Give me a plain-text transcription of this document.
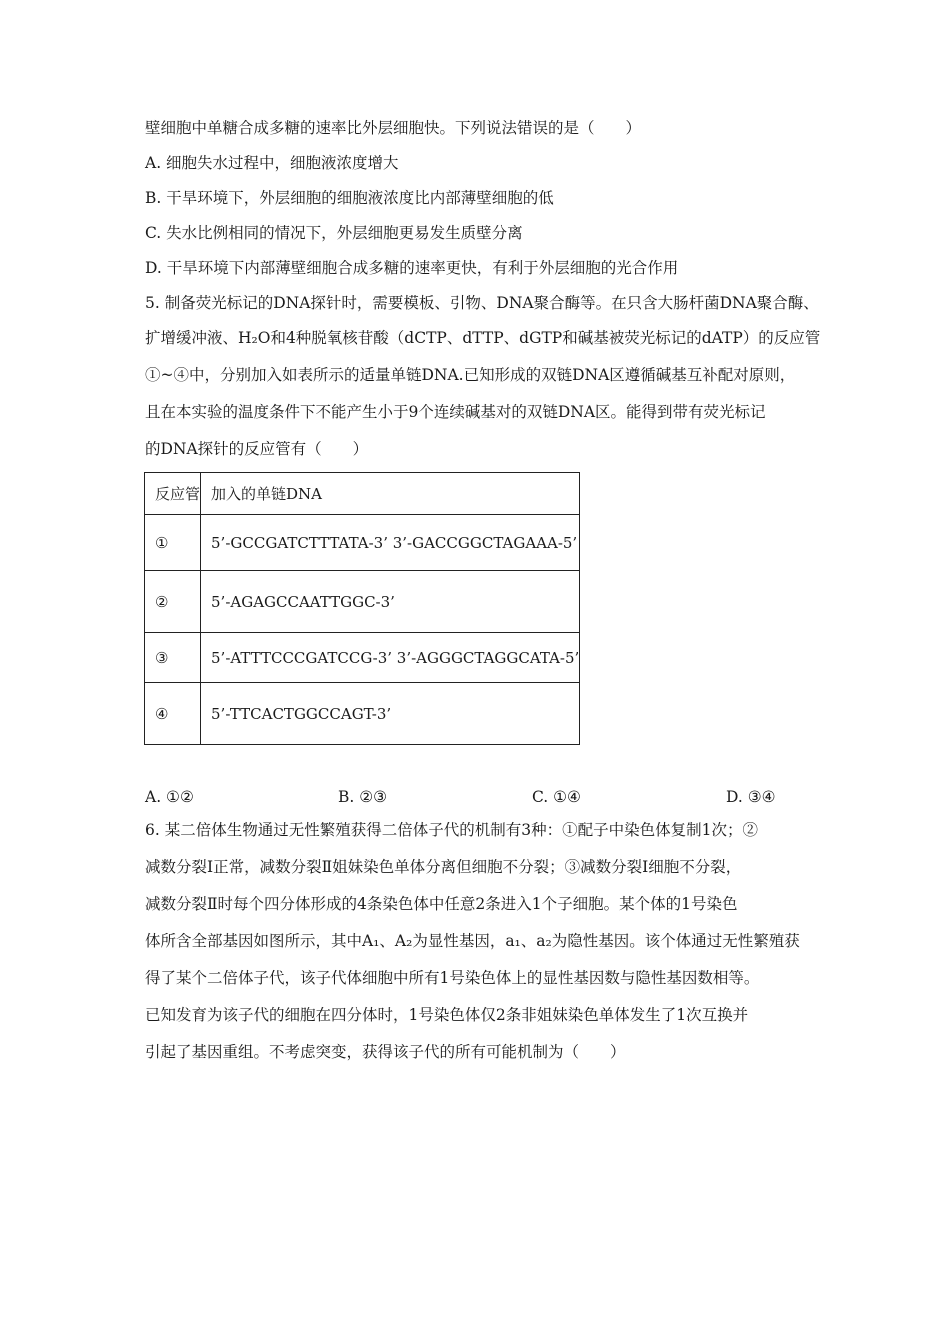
壁细胞中单糖合成多糖的速率比外层细胞快。下列说法错误的是（　　）
A. 细胞失水过程中，细胞液浓度增大
B. 干旱环境下，外层细胞的细胞液浓度比内部薄壁细胞的低
C. 失水比例相同的情况下，外层细胞更易发生质壁分离
D. 干旱环境下内部薄壁细胞合成多糖的速率更快，有利于外层细胞的光合作用
5. 制备荧光标记的DNA探针时，需要模板、引物、DNA聚合酶等。在只含大肠杆菌DNA聚合酶、
扩增缓冲液、H₂O和4种脱氧核苷酸（dCTP、dTTP、dGTP和碱基被荧光标记的dATP）的反应管
①~④中，分别加入如表所示的适量单链DNA.已知形成的双链DNA区遵循碱基互补配对原则，
且在本实验的温度条件下不能产生小于9个连续碱基对的双链DNA区。能得到带有荧光标记
的DNA探针的反应管有（　　）
反应管	加入的单链DNA
①	5’-GCCGATCTTTATA-3’ 3’-GACCGGCTAGAAA-5’
②	5’-AGAGCCAATTGGC-3’
③	5’-ATTTCCCGATCCG-3’ 3’-AGGGCTAGGCATA-5’
④	5’-TTCACTGGCCAGT-3’
A. ①②	B. ②③	C. ①④	D. ③④
6. 某二倍体生物通过无性繁殖获得二倍体子代的机制有3种：①配子中染色体复制1次；②
减数分裂Ⅰ正常，减数分裂Ⅱ姐妹染色单体分离但细胞不分裂；③减数分裂Ⅰ细胞不分裂，
减数分裂Ⅱ时每个四分体形成的4条染色体中任意2条进入1个子细胞。某个体的1号染色
体所含全部基因如图所示，其中A₁、A₂为显性基因，a₁、a₂为隐性基因。该个体通过无性繁殖获
得了某个二倍体子代，该子代体细胞中所有1号染色体上的显性基因数与隐性基因数相等。
已知发育为该子代的细胞在四分体时，1号染色体仅2条非姐妹染色单体发生了1次互换并
引起了基因重组。不考虑突变，获得该子代的所有可能机制为（　　）
